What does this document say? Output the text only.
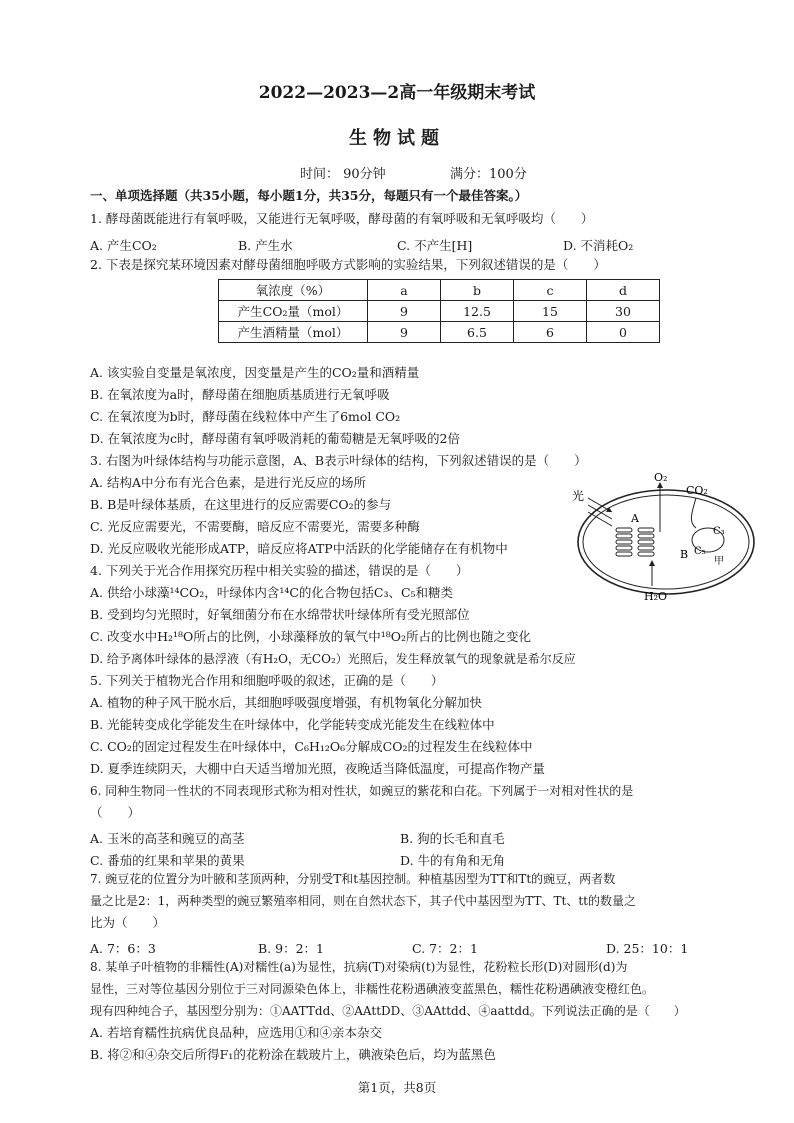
2022—2023—2高一年级期末考试
生物试题
时间： 90分钟	满分：100分
一、单项选择题（共35小题，每小题1分，共35分，每题只有一个最佳答案。）
1. 酵母菌既能进行有氧呼吸，又能进行无氧呼吸，酵母菌的有氧呼吸和无氧呼吸均（　　）
A. 产生CO₂	B. 产生水	C. 不产生[H]	D. 不消耗O₂
2. 下表是探究某环境因素对酵母菌细胞呼吸方式影响的实验结果，下列叙述错误的是（　　）
氧浓度（%）	a	b	c	d
产生CO₂量（mol）	9	12.5	15	30
产生酒精量（mol）	9	6.5	6	0
A. 该实验自变量是氧浓度，因变量是产生的CO₂量和酒精量
B. 在氧浓度为a时，酵母菌在细胞质基质进行无氧呼吸
C. 在氧浓度为b时，酵母菌在线粒体中产生了6mol CO₂
D. 在氧浓度为c时，酵母菌有氧呼吸消耗的葡萄糖是无氧呼吸的2倍
3. 右图为叶绿体结构与功能示意图，A、B表示叶绿体的结构，下列叙述错误的是（　　）
A. 结构A中分布有光合色素，是进行光反应的场所
B. B是叶绿体基质，在这里进行的反应需要CO₂的参与
C. 光反应需要光，不需要酶，暗反应不需要光，需要多种酶
D. 光反应吸收光能形成ATP，暗反应将ATP中活跃的化学能储存在有机物中
光
A
O₂
CO₂
C₃
C₅
B
甲
H₂O
4. 下列关于光合作用探究历程中相关实验的描述，错误的是（　　）
A. 供给小球藻¹⁴CO₂，叶绿体内含¹⁴C的化合物包括C₃、C₅和糖类
B. 受到均匀光照时，好氧细菌分布在水绵带状叶绿体所有受光照部位
C. 改变水中H₂¹⁸O所占的比例，小球藻释放的氧气中¹⁸O₂所占的比例也随之变化
D. 给予离体叶绿体的悬浮液（有H₂O，无CO₂）光照后，发生释放氧气的现象就是希尔反应
5. 下列关于植物光合作用和细胞呼吸的叙述，正确的是（　　）
A. 植物的种子风干脱水后，其细胞呼吸强度增强，有机物氧化分解加快
B. 光能转变成化学能发生在叶绿体中，化学能转变成光能发生在线粒体中
C. CO₂的固定过程发生在叶绿体中，C₆H₁₂O₆分解成CO₂的过程发生在线粒体中
D. 夏季连续阴天，大棚中白天适当增加光照，夜晚适当降低温度，可提高作物产量
6. 同种生物同一性状的不同表现形式称为相对性状，如豌豆的紫花和白花。下列属于一对相对性状的是
（　　）
A. 玉米的高茎和豌豆的高茎	B. 狗的长毛和直毛
C. 番茄的红果和苹果的黄果	D. 牛的有角和无角
7. 豌豆花的位置分为叶腋和茎顶两种，分别受T和t基因控制。种植基因型为TT和Tt的豌豆，两者数
量之比是2：1，两种类型的豌豆繁殖率相同，则在自然状态下，其子代中基因型为TT、Tt、tt的数量之
比为（　　）
A. 7：6：3	B. 9：2：1	C. 7：2：1	D. 25：10：1
8. 某单子叶植物的非糯性(A)对糯性(a)为显性，抗病(T)对染病(t)为显性，花粉粒长形(D)对圆形(d)为
显性，三对等位基因分别位于三对同源染色体上，非糯性花粉遇碘液变蓝黑色，糯性花粉遇碘液变橙红色。
现有四种纯合子，基因型分别为：①AATTdd、②AAttDD、③AAttdd、④aattdd。下列说法正确的是（　　）
A. 若培育糯性抗病优良品种，应选用①和④亲本杂交
B. 将②和④杂交后所得F₁的花粉涂在载玻片上，碘液染色后，均为蓝黑色
第1页，共8页
